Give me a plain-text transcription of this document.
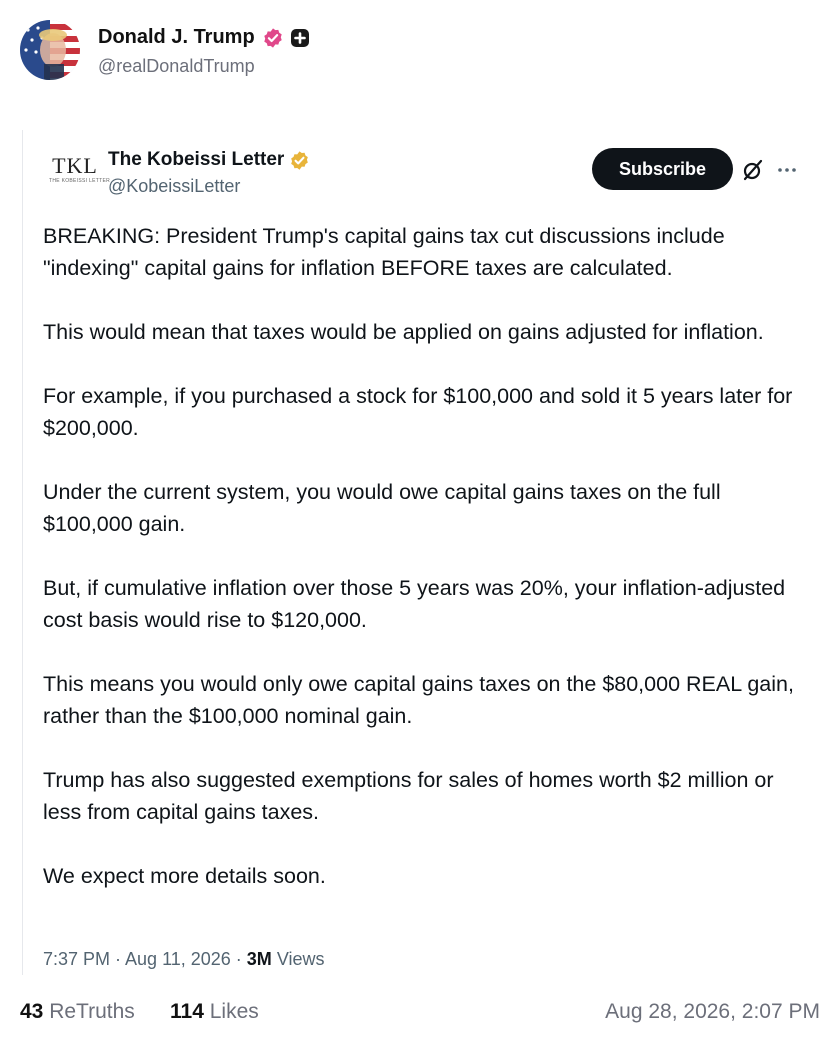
Donald J. Trump
@realDonaldTrump
TKL
THE KOBEISSI LETTER
The Kobeissi Letter
@KobeissiLetter
Subscribe

BREAKING: President Trump's capital gains tax cut discussions include "indexing" capital gains for inflation BEFORE taxes are calculated.

This would mean that taxes would be applied on gains adjusted for inflation.

For example, if you purchased a stock for $100,000 and sold it 5 years later for $200,000.

Under the current system, you would owe capital gains taxes on the full $100,000 gain.

But, if cumulative inflation over those 5 years was 20%, your inflation-adjusted cost basis would rise to $120,000.

This means you would only owe capital gains taxes on the $80,000 REAL gain, rather than the $100,000 nominal gain.

Trump has also suggested exemptions for sales of homes worth $2 million or less from capital gains taxes.

We expect more details soon.

7:37 PM · Aug 11, 2026 · 3M Views
43 ReTruths 114 Likes	Aug 28, 2026, 2:07 PM
